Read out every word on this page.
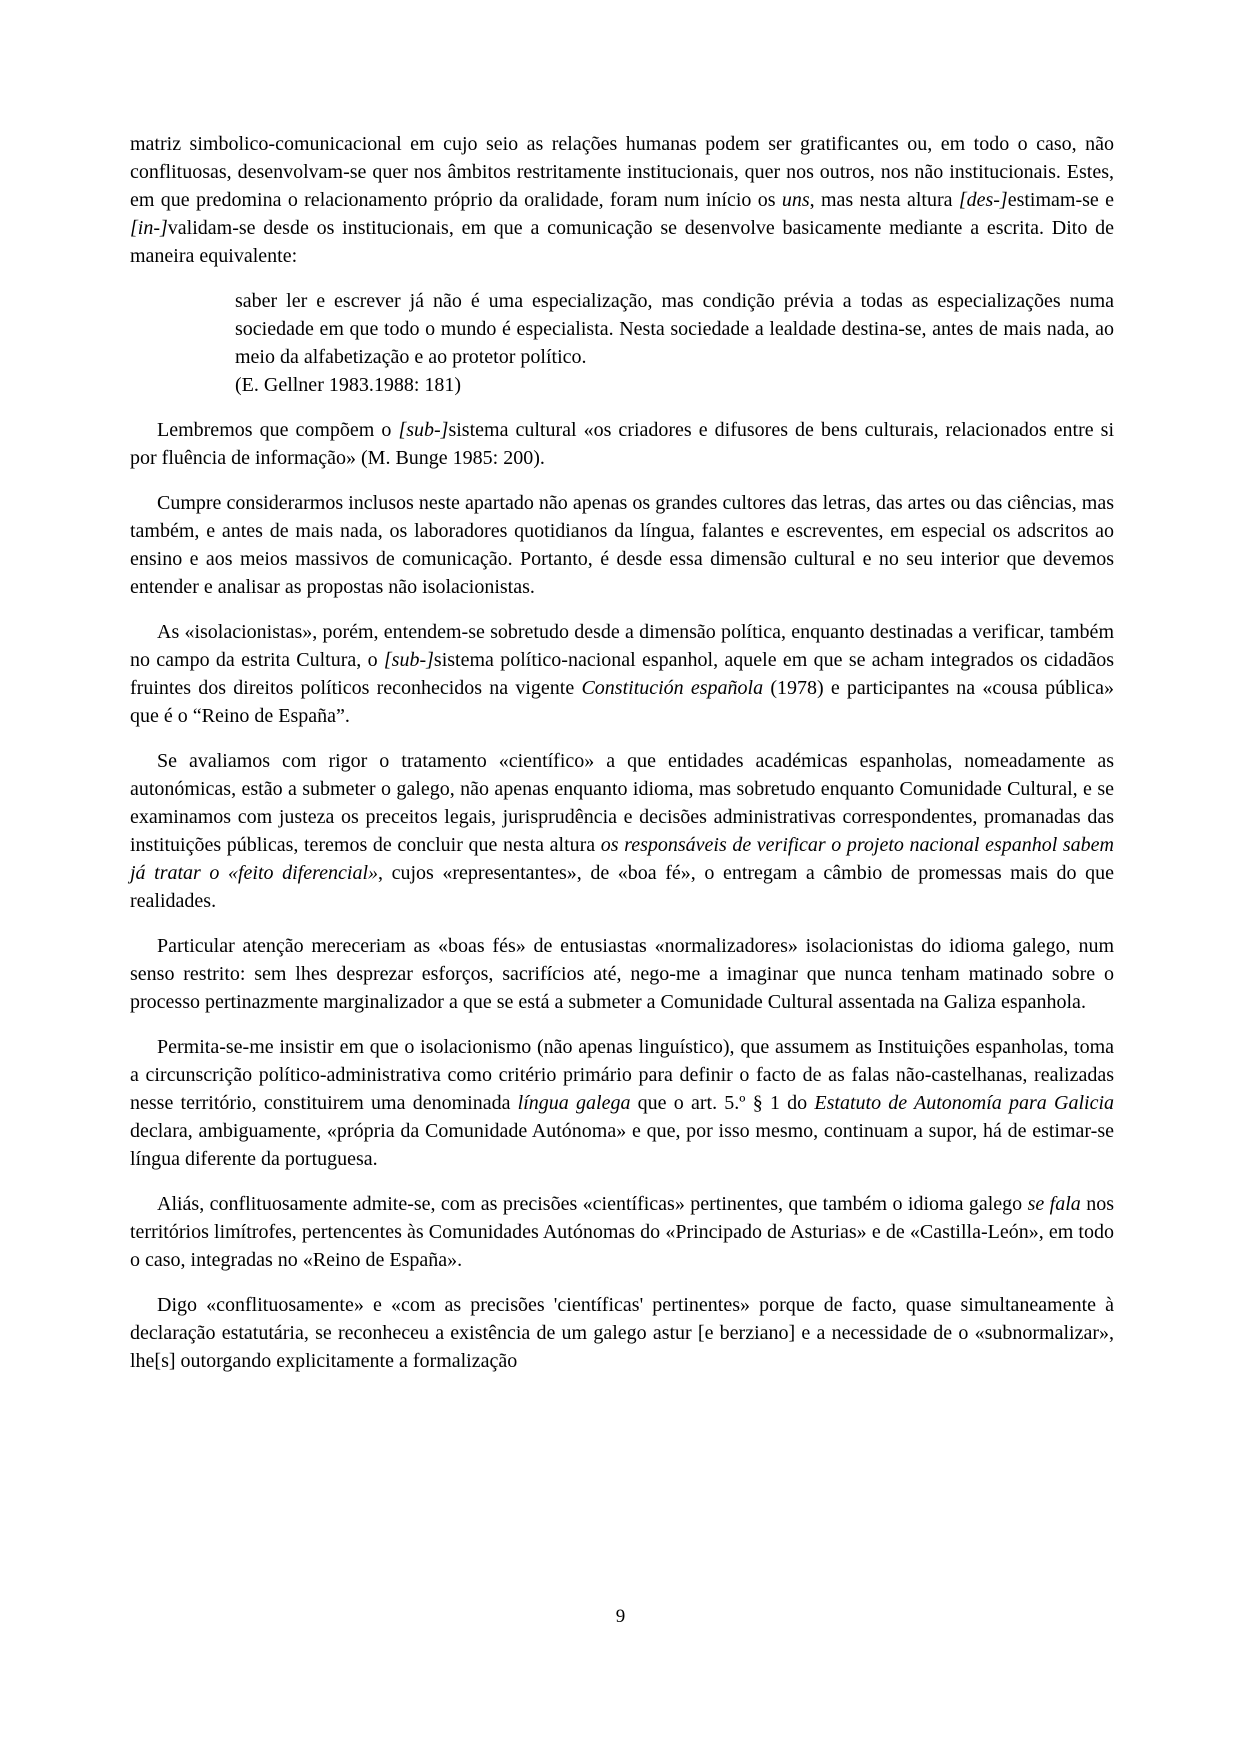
matriz simbolico-comunicacional em cujo seio as relações humanas podem ser gratificantes ou, em todo o caso, não conflituosas, desenvolvam-se quer nos âmbitos restritamente institucionais, quer nos outros, nos não institucionais. Estes, em que predomina o relacionamento próprio da oralidade, foram num início os uns, mas nesta altura [des-]estimam-se e [in-]validam-se desde os institucionais, em que a comunicação se desenvolve basicamente mediante a escrita. Dito de maneira equivalente:

saber ler e escrever já não é uma especialização, mas condição prévia a todas as especializações numa sociedade em que todo o mundo é especialista. Nesta sociedade a lealdade destina-se, antes de mais nada, ao meio da alfabetização e ao protetor político.

(E. Gellner 1983.1988: 181)

Lembremos que compõem o [sub-]sistema cultural «os criadores e difusores de bens culturais, relacionados entre si por fluência de informação» (M. Bunge 1985: 200).

Cumpre considerarmos inclusos neste apartado não apenas os grandes cultores das letras, das artes ou das ciências, mas também, e antes de mais nada, os laboradores quotidianos da língua, falantes e escreventes, em especial os adscritos ao ensino e aos meios massivos de comunicação. Portanto, é desde essa dimensão cultural e no seu interior que devemos entender e analisar as propostas não isolacionistas.

As «isolacionistas», porém, entendem-se sobretudo desde a dimensão política, enquanto destinadas a verificar, também no campo da estrita Cultura, o [sub-]sistema político-nacional espanhol, aquele em que se acham integrados os cidadãos fruintes dos direitos políticos reconhecidos na vigente Constitución española (1978) e participantes na «cousa pública» que é o “Reino de España”.

Se avaliamos com rigor o tratamento «científico» a que entidades académicas espanholas, nomeadamente as autonómicas, estão a submeter o galego, não apenas enquanto idioma, mas sobretudo enquanto Comunidade Cultural, e se examinamos com justeza os preceitos legais, jurisprudência e decisões administrativas correspondentes, promanadas das instituições públicas, teremos de concluir que nesta altura os responsáveis de verificar o projeto nacional espanhol sabem já tratar o «feito diferencial», cujos «representantes», de «boa fé», o entregam a câmbio de promessas mais do que realidades.

Particular atenção mereceriam as «boas fés» de entusiastas «normalizadores» isolacionistas do idioma galego, num senso restrito: sem lhes desprezar esforços, sacrifícios até, nego-me a imaginar que nunca tenham matinado sobre o processo pertinazmente marginalizador a que se está a submeter a Comunidade Cultural assentada na Galiza espanhola.

Permita-se-me insistir em que o isolacionismo (não apenas linguístico), que assumem as Instituições espanholas, toma a circunscrição político-administrativa como critério primário para definir o facto de as falas não-castelhanas, realizadas nesse território, constituirem uma denominada língua galega que o art. 5.º § 1 do Estatuto de Autonomía para Galicia declara, ambiguamente, «própria da Comunidade Autónoma» e que, por isso mesmo, continuam a supor, há de estimar-se língua diferente da portuguesa.

Aliás, conflituosamente admite-se, com as precisões «científicas» pertinentes, que também o idioma galego se fala nos territórios limítrofes, pertencentes às Comunidades Autónomas do «Principado de Asturias» e de «Castilla-León», em todo o caso, integradas no «Reino de España».

Digo «conflituosamente» e «com as precisões 'científicas' pertinentes» porque de facto, quase simultaneamente à declaração estatutária, se reconheceu a existência de um galego astur [e berziano] e a necessidade de o «subnormalizar», lhe[s] outorgando explicitamente a formalização

9
